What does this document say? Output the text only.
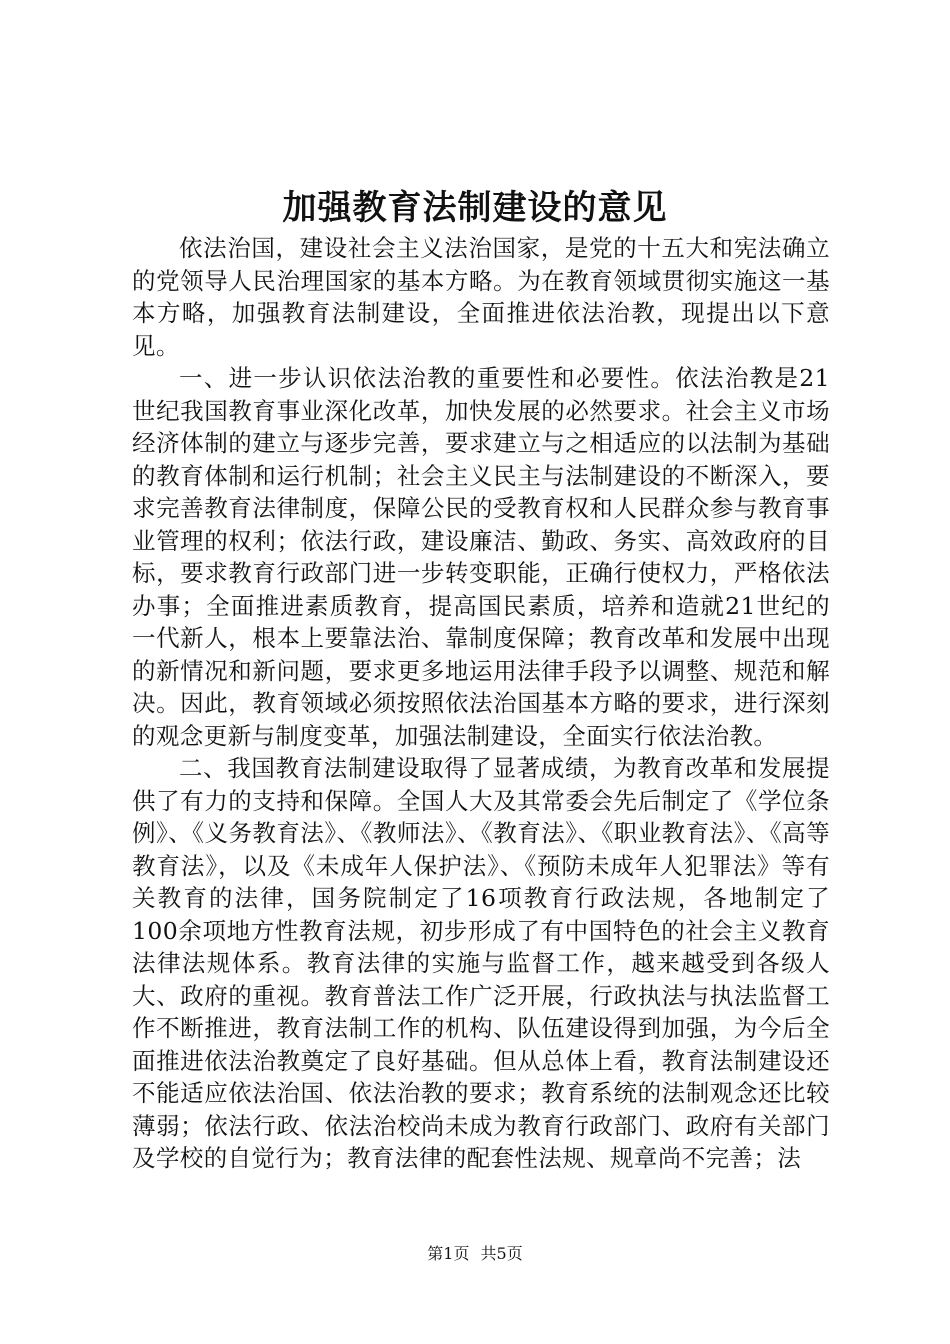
加强教育法制建设的意见

依法治国，建设社会主义法治国家，是党的十五大和宪法确立的党领导人民治理国家的基本方略。为在教育领域贯彻实施这一基本方略，加强教育法制建设，全面推进依法治教，现提出以下意见。

一、进一步认识依法治教的重要性和必要性。依法治教是21世纪我国教育事业深化改革，加快发展的必然要求。社会主义市场经济体制的建立与逐步完善，要求建立与之相适应的以法制为基础的教育体制和运行机制；社会主义民主与法制建设的不断深入，要求完善教育法律制度，保障公民的受教育权和人民群众参与教育事业管理的权利；依法行政，建设廉洁、勤政、务实、高效政府的目标，要求教育行政部门进一步转变职能，正确行使权力，严格依法办事；全面推进素质教育，提高国民素质，培养和造就21世纪的一代新人，根本上要靠法治、靠制度保障；教育改革和发展中出现的新情况和新问题，要求更多地运用法律手段予以调整、规范和解决。因此，教育领域必须按照依法治国基本方略的要求，进行深刻的观念更新与制度变革，加强法制建设，全面实行依法治教。

二、我国教育法制建设取得了显著成绩，为教育改革和发展提供了有力的支持和保障。全国人大及其常委会先后制定了《学位条例》、《义务教育法》、《教师法》、《教育法》、《职业教育法》、《高等教育法》，以及《未成年人保护法》、《预防未成年人犯罪法》等有关教育的法律，国务院制定了16项教育行政法规，各地制定了100余项地方性教育法规，初步形成了有中国特色的社会主义教育法律法规体系。教育法律的实施与监督工作，越来越受到各级人大、政府的重视。教育普法工作广泛开展，行政执法与执法监督工作不断推进，教育法制工作的机构、队伍建设得到加强，为今后全面推进依法治教奠定了良好基础。但从总体上看，教育法制建设还不能适应依法治国、依法治教的要求；教育系统的法制观念还比较薄弱；依法行政、依法治校尚未成为教育行政部门、政府有关部门及学校的自觉行为；教育法律的配套性法规、规章尚不完善；法

第1页 共5页
